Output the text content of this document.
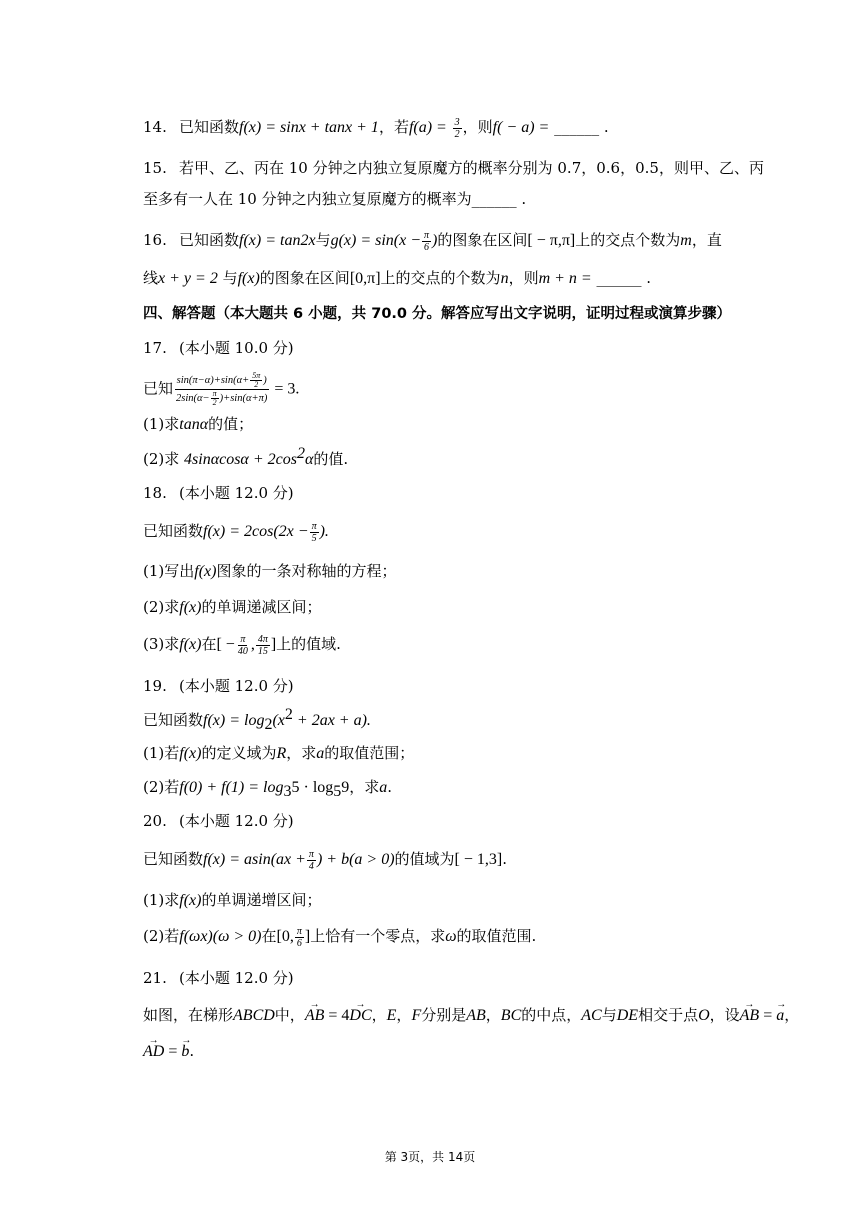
14. 已知函数f(x) = sinx + tanx + 1，若$f(a) = \frac{3}{2}$ ，则f( − a) = ______ .
15. 若甲、乙、丙在 10 分钟之内独立复原魔方的概率分别为 0.7，0.6，0.5，则甲、乙、丙
至多有一人在 10 分钟之内独立复原魔方的概率为______ .
16. 已知函数f(x) = tan2x与$g(x) = \sin(x - \frac{\pi}{6}$ )的图象在区间[ − π,π]上的交点个数为m，直
线x + y = 2 与f(x)的图象在区间[0,π]上的交点的个数为n，则m + n = ______ .
四、解答题（本大题共 6 小题，共 70.0 分。解答应写出文字说明，证明过程或演算步骤）
17. (本小题 10.0 分)
已知 $\frac{\sin(\pi-\alpha)+\sin(\alpha+ \frac{5\pi}{2} )}{2\sin(\alpha- \frac{\pi}{2} )+\sin(\alpha+\pi)} = 3$.
(1)求tanα的值；
(2)求 $4\sin\alpha\cos\alpha + 2\cos^2\alpha$的值.
18. (本小题 12.0 分)
已知函数$f(x) = 2\cos(2x - \frac{\pi}{5}$ ).
(1)写出f(x)图象的一条对称轴的方程；
(2)求f(x)的单调递减区间；
(3)求f(x)在[ − $\frac{\pi}{40}$ , $\frac{4\pi}{15}$ ]上的值域.
19. (本小题 12.0 分)
已知函数$f(x) = \log_2(x^2 + 2ax + a)$.
(1)若f(x)的定义域为R，求a的取值范围；
(2)若$f(0) + f(1) = \log_35 \cdot \log_59$，求a.
20. (本小题 12.0 分)
已知函数$f(x) = asin(ax + \frac{\pi}{4}$ ) + b(a > 0)的值域为[ − 1,3].
(1)求f(x)的单调递增区间；
(2)若f(ωx)(ω > 0)在[0, $\frac{\pi}{6}$ ]上恰有一个零点，求ω的取值范围.
21. (本小题 12.0 分)
如图，在梯形ABCD中，→ AB = 4→ DC，E，F分别是AB，BC的中点，AC与DE相交于点O，设→ AB = → a，
→ AD = → b.
第 3页，共 14页
